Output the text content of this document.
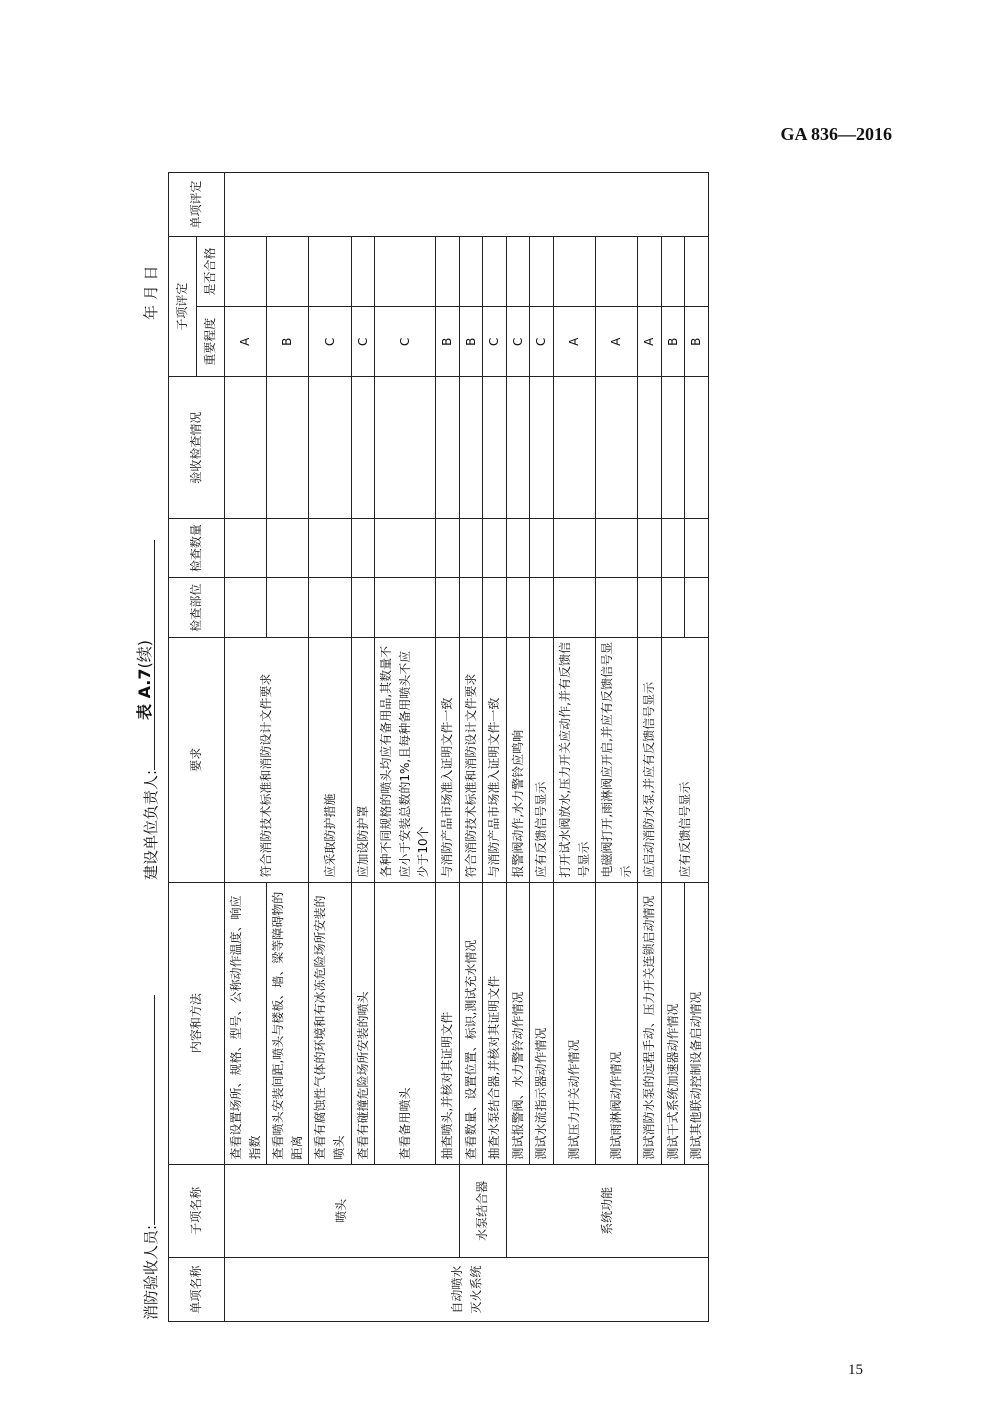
GA 836—2016
15
表 A.7(续)
单项名称	子项名称	内容和方法	要求	检查部位	检查数量	验收检查情况	子项评定		单项评定
							重要程度	是否合格	
自动喷水灭火系统	喷头	查看设置场所、规格、型号、公称动作温度、响应指数	符合消防技术标准和消防设计文件要求				A		
		查看喷头安装间距,喷头与楼板、墙、梁等障碍物的距离					B		
		查看有腐蚀性气体的环境和有冰冻危险场所安装的喷头	应采取防护措施				C		
		查看有碰撞危险场所安装的喷头	应加设防护罩				C		
		查看备用喷头	各种不同规格的喷头均应有备用品,其数量不应小于安装总数的1%,且每种备用喷头不应少于10个				C		
		抽查喷头,并核对其证明文件	与消防产品市场准入证明文件一致				B		
	水泵结合器	查看数量、设置位置、标识,测试充水情况	符合消防技术标准和消防设计文件要求				B		
		抽查水泵结合器,并核对其证明文件	与消防产品市场准入证明文件一致				C		
	系统功能	测试报警阀、水力警铃动作情况	报警阀动作,水力警铃应鸣响				C		
		测试水流指示器动作情况	应有反馈信号显示				C		
		测试压力开关动作情况	打开试水阀放水,压力开关应动作,并有反馈信号显示				A		
		测试雨淋阀动作情况	电磁阀打开,雨淋阀应开启,并应有反馈信号显示				A		
		测试消防水泵的远程手动、压力开关连锁启动情况	应启动消防水泵,并应有反馈信号显示				A		
		测试干式系统加速器动作情况	应有反馈信号显示				B		
		测试其他联动控制设备启动情况					B		
消防验收人员:
建设单位负责人:
年 月 日
